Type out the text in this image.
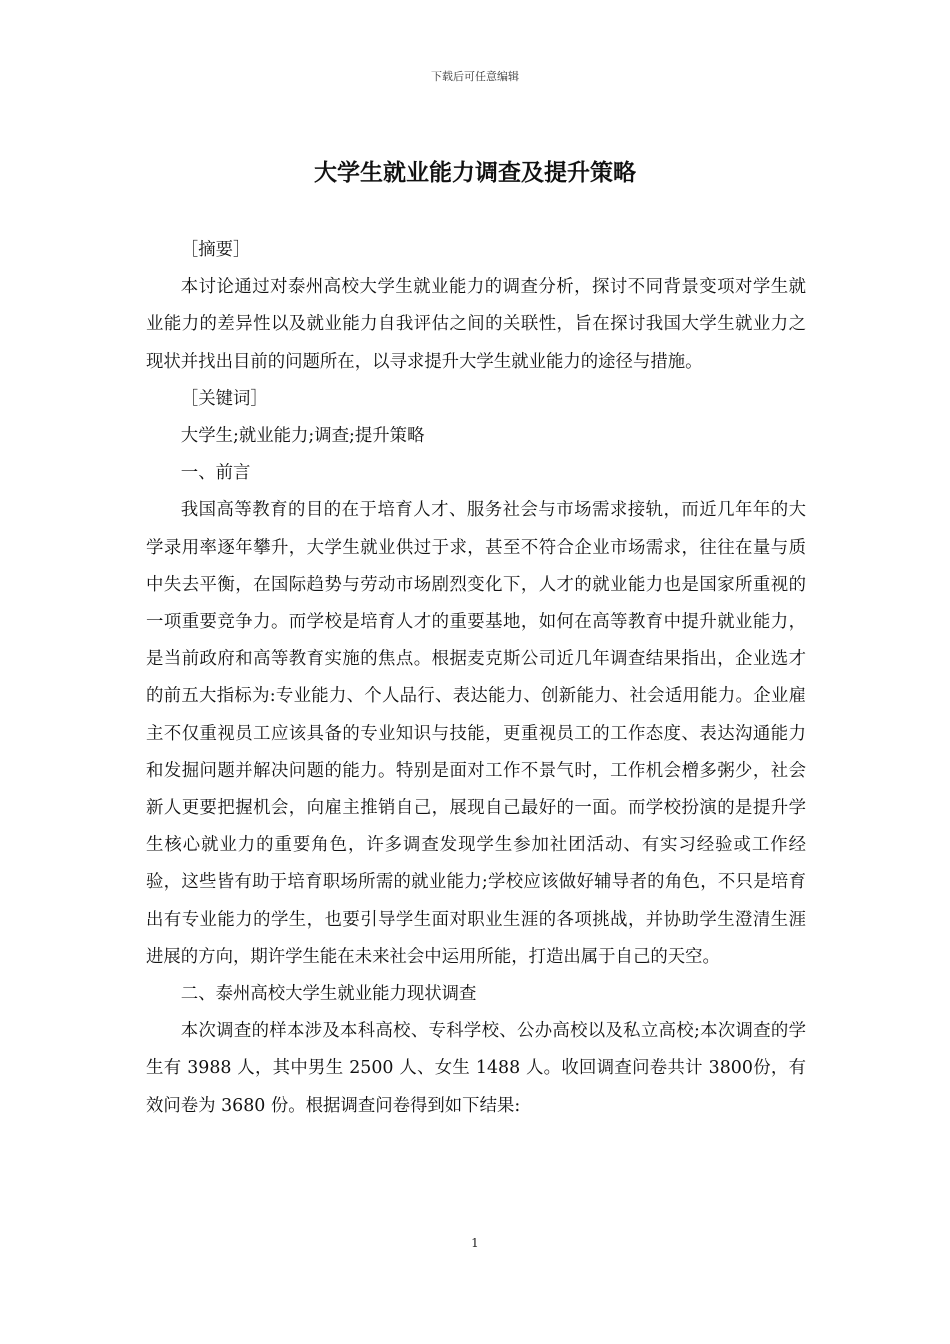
下载后可任意编辑
大学生就业能力调查及提升策略

［摘要］

本讨论通过对泰州高校大学生就业能力的调查分析，探讨不同背景变项对学生就业能力的差异性以及就业能力自我评估之间的关联性，旨在探讨我国大学生就业力之现状并找出目前的问题所在，以寻求提升大学生就业能力的途径与措施。

［关键词］

大学生;就业能力;调查;提升策略

一、前言

我国高等教育的目的在于培育人才、服务社会与市场需求接轨，而近几年年的大学录用率逐年攀升，大学生就业供过于求，甚至不符合企业市场需求，往往在量与质中失去平衡，在国际趋势与劳动市场剧烈变化下，人才的就业能力也是国家所重视的一项重要竞争力。而学校是培育人才的重要基地，如何在高等教育中提升就业能力，是当前政府和高等教育实施的焦点。根据麦克斯公司近几年调查结果指出，企业选才的前五大指标为:专业能力、个人品行、表达能力、创新能力、社会适用能力。企业雇主不仅重视员工应该具备的专业知识与技能，更重视员工的工作态度、表达沟通能力和发掘问题并解决问题的能力。特别是面对工作不景气时，工作机会橧多粥少，社会新人更要把握机会，向雇主推销自己，展现自己最好的一面。而学校扮演的是提升学生核心就业力的重要角色，许多调查发现学生参加社团活动、有实习经验或工作经验，这些皆有助于培育职场所需的就业能力;学校应该做好辅导者的角色，不只是培育出有专业能力的学生，也要引导学生面对职业生涯的各项挑战，并协助学生澄清生涯进展的方向，期许学生能在未来社会中运用所能，打造出属于自己的天空。

二、泰州高校大学生就业能力现状调查

本次调查的样本涉及本科高校、专科学校、公办高校以及私立高校;本次调查的学生有 3988 人，其中男生 2500 人、女生 1488 人。收回调查问卷共计 3800份，有效问卷为 3680 份。根据调查问卷得到如下结果:

1
